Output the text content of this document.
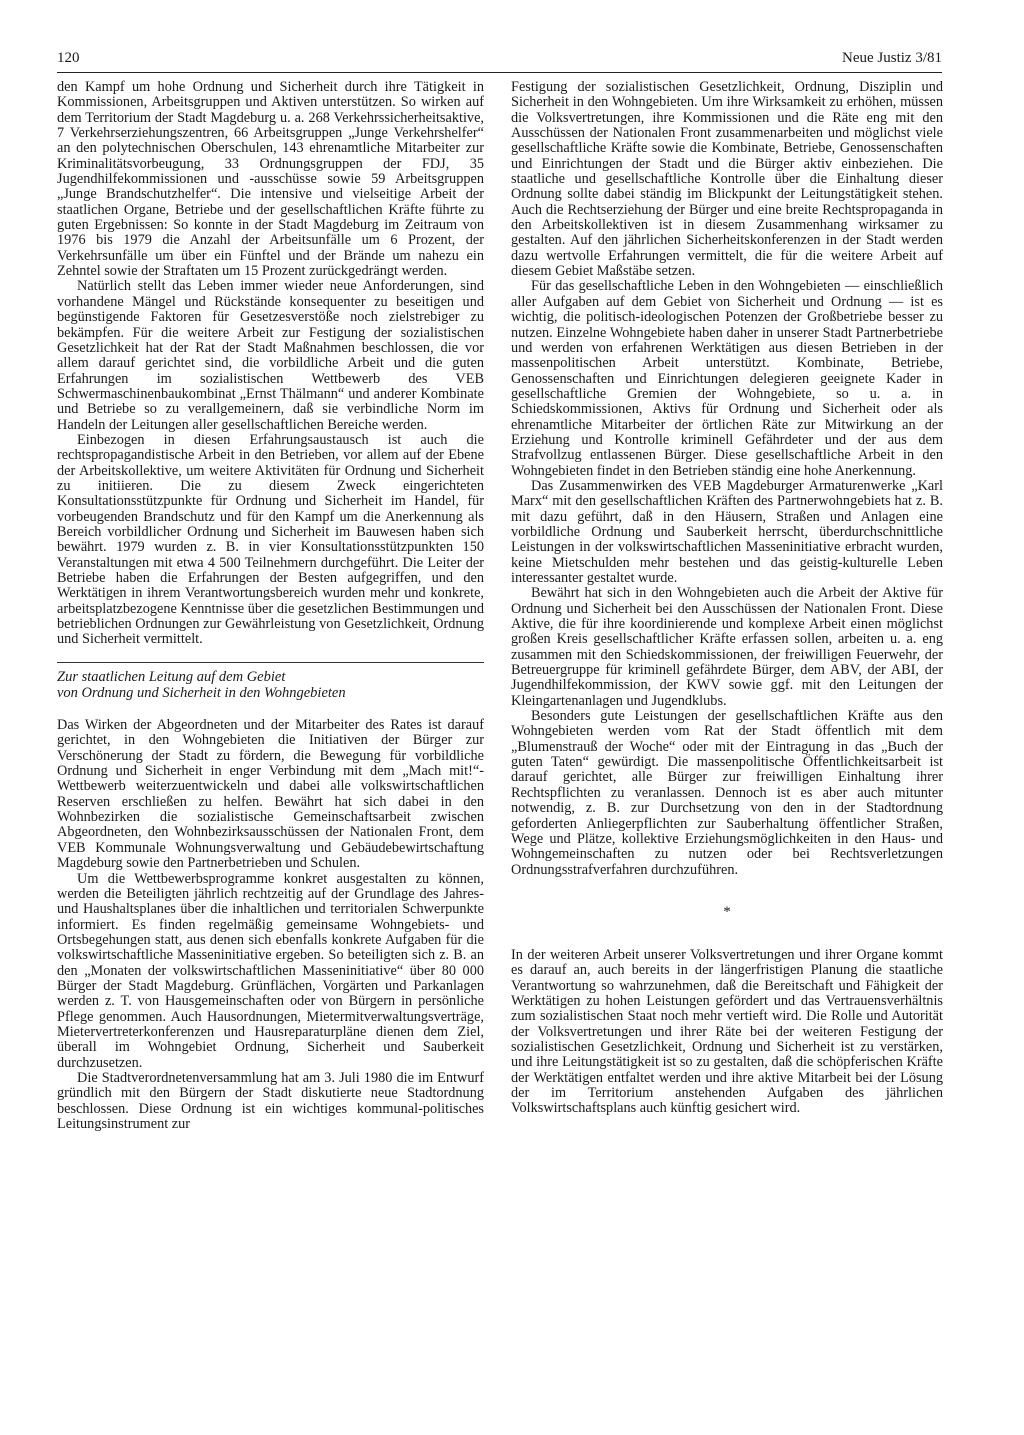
120	Neue Justiz 3/81

den Kampf um hohe Ordnung und Sicherheit durch ihre Tätigkeit in Kommissionen, Arbeitsgruppen und Aktiven unterstützen. So wirken auf dem Territorium der Stadt Magdeburg u. a. 268 Verkehrssicherheitsaktive, 7 Verkehrserziehungszentren, 66 Arbeitsgruppen „Junge Verkehrshelfer“ an den polytechnischen Oberschulen, 143 ehrenamtliche Mitarbeiter zur Kriminalitätsvorbeugung, 33 Ordnungsgruppen der FDJ, 35 Jugendhilfekommissionen und -ausschüsse sowie 59 Arbeitsgruppen „Junge Brandschutzhelfer“. Die intensive und vielseitige Arbeit der staatlichen Organe, Betriebe und der gesellschaftlichen Kräfte führte zu guten Ergebnissen: So konnte in der Stadt Magdeburg im Zeitraum von 1976 bis 1979 die Anzahl der Arbeitsunfälle um 6 Prozent, der Verkehrsunfälle um über ein Fünftel und der Brände um nahezu ein Zehntel sowie der Straftaten um 15 Prozent zurückgedrängt werden.

Natürlich stellt das Leben immer wieder neue Anforderungen, sind vorhandene Mängel und Rückstände konsequenter zu beseitigen und begünstigende Faktoren für Gesetzesverstöße noch zielstrebiger zu bekämpfen. Für die weitere Arbeit zur Festigung der sozialistischen Gesetzlichkeit hat der Rat der Stadt Maßnahmen beschlossen, die vor allem darauf gerichtet sind, die vorbildliche Arbeit und die guten Erfahrungen im sozialistischen Wettbewerb des VEB Schwermaschinenbaukombinat „Ernst Thälmann“ und anderer Kombinate und Betriebe so zu verallgemeinern, daß sie verbindliche Norm im Handeln der Leitungen aller gesellschaftlichen Bereiche werden.

Einbezogen in diesen Erfahrungsaustausch ist auch die rechtspropagandistische Arbeit in den Betrieben, vor allem auf der Ebene der Arbeitskollektive, um weitere Aktivitäten für Ordnung und Sicherheit zu initiieren. Die zu diesem Zweck eingerichteten Konsultationsstützpunkte für Ordnung und Sicherheit im Handel, für vorbeugenden Brandschutz und für den Kampf um die Anerkennung als Bereich vorbildlicher Ordnung und Sicherheit im Bauwesen haben sich bewährt. 1979 wurden z. B. in vier Konsultationsstützpunkten 150 Veranstaltungen mit etwa 4 500 Teilnehmern durchgeführt. Die Leiter der Betriebe haben die Erfahrungen der Besten aufgegriffen, und den Werktätigen in ihrem Verantwortungsbereich wurden mehr und konkrete, arbeitsplatzbezogene Kenntnisse über die gesetzlichen Bestimmungen und betrieblichen Ordnungen zur Gewährleistung von Gesetzlichkeit, Ordnung und Sicherheit vermittelt.

Zur staatlichen Leitung auf dem Gebiet
von Ordnung und Sicherheit in den Wohngebieten

Das Wirken der Abgeordneten und der Mitarbeiter des Rates ist darauf gerichtet, in den Wohngebieten die Initiativen der Bürger zur Verschönerung der Stadt zu fördern, die Bewegung für vorbildliche Ordnung und Sicherheit in enger Verbindung mit dem „Mach mit!“-Wettbewerb weiterzuentwickeln und dabei alle volkswirtschaftlichen Reserven erschließen zu helfen. Bewährt hat sich dabei in den Wohnbezirken die sozialistische Gemeinschaftsarbeit zwischen Abgeordneten, den Wohnbezirksausschüssen der Nationalen Front, dem VEB Kommunale Wohnungsverwaltung und Gebäudebewirtschaftung Magdeburg sowie den Partnerbetrieben und Schulen.

Um die Wettbewerbsprogramme konkret ausgestalten zu können, werden die Beteiligten jährlich rechtzeitig auf der Grundlage des Jahres- und Haushaltsplanes über die inhaltlichen und territorialen Schwerpunkte informiert. Es finden regelmäßig gemeinsame Wohngebiets- und Ortsbegehungen statt, aus denen sich ebenfalls konkrete Aufgaben für die volkswirtschaftliche Masseninitiative ergeben. So beteiligten sich z. B. an den „Monaten der volkswirtschaftlichen Masseninitiative“ über 80 000 Bürger der Stadt Magdeburg. Grünflächen, Vorgärten und Parkanlagen werden z. T. von Hausgemeinschaften oder von Bürgern in persönliche Pflege genommen. Auch Hausordnungen, Mietermitverwaltungsverträge, Mietervertreterkonferenzen und Hausreparaturpläne dienen dem Ziel, überall im Wohngebiet Ordnung, Sicherheit und Sauberkeit durchzusetzen.

Die Stadtverordnetenversammlung hat am 3. Juli 1980 die im Entwurf gründlich mit den Bürgern der Stadt diskutierte neue Stadtordnung beschlossen. Diese Ordnung ist ein wichtiges kommunal-politisches Leitungsinstrument zur

Festigung der sozialistischen Gesetzlichkeit, Ordnung, Disziplin und Sicherheit in den Wohngebieten. Um ihre Wirksamkeit zu erhöhen, müssen die Volksvertretungen, ihre Kommissionen und die Räte eng mit den Ausschüssen der Nationalen Front zusammenarbeiten und möglichst viele gesellschaftliche Kräfte sowie die Kombinate, Betriebe, Genossenschaften und Einrichtungen der Stadt und die Bürger aktiv einbeziehen. Die staatliche und gesellschaftliche Kontrolle über die Einhaltung dieser Ordnung sollte dabei ständig im Blickpunkt der Leitungstätigkeit stehen. Auch die Rechtserziehung der Bürger und eine breite Rechtspropaganda in den Arbeitskollektiven ist in diesem Zusammenhang wirksamer zu gestalten. Auf den jährlichen Sicherheitskonferenzen in der Stadt werden dazu wertvolle Erfahrungen vermittelt, die für die weitere Arbeit auf diesem Gebiet Maßstäbe setzen.

Für das gesellschaftliche Leben in den Wohngebieten — einschließlich aller Aufgaben auf dem Gebiet von Sicherheit und Ordnung — ist es wichtig, die politisch-ideologischen Potenzen der Großbetriebe besser zu nutzen. Einzelne Wohngebiete haben daher in unserer Stadt Partnerbetriebe und werden von erfahrenen Werktätigen aus diesen Betrieben in der massenpolitischen Arbeit unterstützt. Kombinate, Betriebe, Genossenschaften und Einrichtungen delegieren geeignete Kader in gesellschaftliche Gremien der Wohngebiete, so u. a. in Schiedskommissionen, Aktivs für Ordnung und Sicherheit oder als ehrenamtliche Mitarbeiter der örtlichen Räte zur Mitwirkung an der Erziehung und Kontrolle kriminell Gefährdeter und der aus dem Strafvollzug entlassenen Bürger. Diese gesellschaftliche Arbeit in den Wohngebieten findet in den Betrieben ständig eine hohe Anerkennung.

Das Zusammenwirken des VEB Magdeburger Armaturenwerke „Karl Marx“ mit den gesellschaftlichen Kräften des Partnerwohngebiets hat z. B. mit dazu geführt, daß in den Häusern, Straßen und Anlagen eine vorbildliche Ordnung und Sauberkeit herrscht, überdurchschnittliche Leistungen in der volkswirtschaftlichen Masseninitiative erbracht wurden, keine Mietschulden mehr bestehen und das geistig-kulturelle Leben interessanter gestaltet wurde.

Bewährt hat sich in den Wohngebieten auch die Arbeit der Aktive für Ordnung und Sicherheit bei den Ausschüssen der Nationalen Front. Diese Aktive, die für ihre koordinierende und komplexe Arbeit einen möglichst großen Kreis gesellschaftlicher Kräfte erfassen sollen, arbeiten u. a. eng zusammen mit den Schiedskommissionen, der freiwilligen Feuerwehr, der Betreuergruppe für kriminell gefährdete Bürger, dem ABV, der ABI, der Jugendhilfekommission, der KWV sowie ggf. mit den Leitungen der Kleingartenanlagen und Jugendklubs.

Besonders gute Leistungen der gesellschaftlichen Kräfte aus den Wohngebieten werden vom Rat der Stadt öffentlich mit dem „Blumenstrauß der Woche“ oder mit der Eintragung in das „Buch der guten Taten“ gewürdigt. Die massenpolitische Öffentlichkeitsarbeit ist darauf gerichtet, alle Bürger zur freiwilligen Einhaltung ihrer Rechtspflichten zu veranlassen. Dennoch ist es aber auch mitunter notwendig, z. B. zur Durchsetzung von den in der Stadtordnung geforderten Anliegerpflichten zur Sauberhaltung öffentlicher Straßen, Wege und Plätze, kollektive Erziehungsmöglichkeiten in den Haus- und Wohngemeinschaften zu nutzen oder bei Rechtsverletzungen Ordnungsstrafverfahren durchzuführen.

*

In der weiteren Arbeit unserer Volksvertretungen und ihrer Organe kommt es darauf an, auch bereits in der längerfristigen Planung die staatliche Verantwortung so wahrzunehmen, daß die Bereitschaft und Fähigkeit der Werktätigen zu hohen Leistungen gefördert und das Vertrauensverhältnis zum sozialistischen Staat noch mehr vertieft wird. Die Rolle und Autorität der Volksvertretungen und ihrer Räte bei der weiteren Festigung der sozialistischen Gesetzlichkeit, Ordnung und Sicherheit ist zu verstärken, und ihre Leitungstätigkeit ist so zu gestalten, daß die schöpferischen Kräfte der Werktätigen entfaltet werden und ihre aktive Mitarbeit bei der Lösung der im Territorium anstehenden Aufgaben des jährlichen Volkswirtschaftsplans auch künftig gesichert wird.
